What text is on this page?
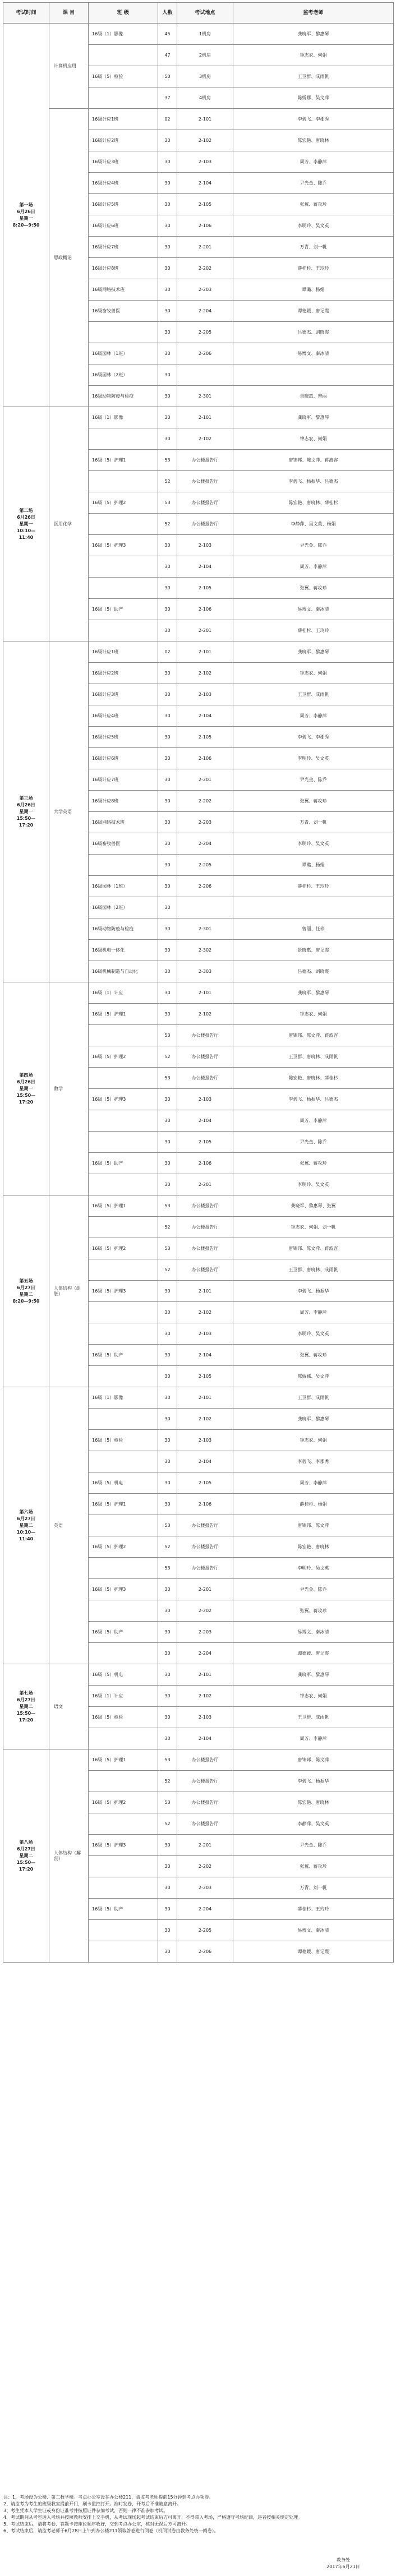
考试时间	课 目	班 级	人数	考试地点	监考老师

第一场
6月26日
星期一
8:20—9:50	计算机应用	16级（1）影像	45	1机房	龚晓军、黎惠琴
			47	2机房	钟志农、何娟
		16级（5）检验	50	3机房	王卫群、成雨帆
			37	4机房	陈娇娜、吴文萍
	思政概论	16级计应1班	02	2-101	李碧飞、李郡秀
		16级计应2班	30	2-102	陈宏艳、唐晓林
		16级计应3班	30	2-103	周芳、李静萍
		16级计应4班	30	2-104	尹光金、陈乔
		16级计应5班	30	2-105	张翼、蒋攻珍
		16级计应6班	30	2-106	李明玲、吴文英
		16级计应7班	30	2-201	万青、刘一帆
		16级计应8班	30	2-202	薛桂杉、王玲玲
		16级网络技术班	30	2-203	谭璐、杨娟
		16级畜牧兽医	30	2-204	谭德媛、唐记霞
			30	2-205	吕德杰、刘晓霞
		16级园林（1班）	30	2-206	易博文、秦冰清
		16级园林（2班）	30		
		16级动物防疫与检疫	30	2-301	景晓惠、曾丽

第二场
6月26日
星期一
10:10—
11:40	医用化学	16级（1）影像	30	2-101	龚晓军、黎惠琴
			30	2-102	钟志农、何娟
		16级（5）护理1	53	办公楼报告厅	唐锦邦、陈文萍、蒋波容
			52	办公楼报告厅	李碧飞、杨振华、吕德杰
		16级（5）护理2	53	办公楼报告厅	陈宏艳、唐晓林、薛桂杉
			52	办公楼报告厅	李静萍、吴文英、杨娟
		16级（5）护理3	30	2-103	尹光金、陈乔
			30	2-104	周芳、李静萍
			30	2-105	张翼、蒋攻珍
		16级（5）助产	30	2-106	易博文、秦冰清
			30	2-201	薛桂杉、王玲玲

第三场
6月26日
星期一
15:50—
17:20	大学英语	16级计应1班	02	2-101	龚晓军、黎惠琴
		16级计应2班	30	2-102	钟志农、何娟
		16级计应3班	30	2-103	王卫群、成雨帆
		16级计应4班	30	2-104	周芳、李静萍
		16级计应5班	30	2-105	李碧飞、李郡秀
		16级计应6班	30	2-106	李明玲、吴文英
		16级计应7班	30	2-201	尹光金、陈乔
		16级计应8班	30	2-202	张翼、蒋攻珍
		16级网络技术班	30	2-203	万青、刘一帆
		16级畜牧兽医	30	2-204	李明玲、吴文英
			30	2-205	谭璐、杨娟
		16级园林（1班）	30	2-206	薛桂杉、王玲玲
		16级园林（2班）	30		
		16级动物防疫与检疫	30	2-301	曾丽、任珍
		16级机电一体化	30	2-302	景晓惠、唐记霞
		16级机械制造与自动化	30	2-303	吕德杰、刘晓霞

第四场
6月26日
星期一
15:50—
17:20	数学	16级（1）计应	30	2-101	龚晓军、黎惠琴
		16级（5）护理1	30	2-102	钟志农、何娟
			53	办公楼报告厅	唐锦邦、陈文萍、蒋波容
		16级（5）护理2	52	办公楼报告厅	王卫群、唐晓林、成雨帆
			53	办公楼报告厅	陈宏艳、唐晓林、薛桂杉
		16级（5）护理3	30	2-103	李碧飞、杨振华、吕德杰
			30	2-104	周芳、李静萍
			30	2-105	尹光金、陈乔
		16级（5）助产	30	2-106	张翼、蒋攻珍
			30	2-201	李明玲、吴文英

第五场
6月27日
星期二
8:20—9:50	人体结构（组胚）	16级（5）护理1	53	办公楼报告厅	龚晓军、黎惠琴、张翼
			52	办公楼报告厅	钟志农、何娟、刘一帆
		16级（5）护理2	53	办公楼报告厅	唐锦邦、陈文萍、蒋波容
			52	办公楼报告厅	王卫群、唐晓林、成雨帆
		16级（5）护理3	30	2-101	李碧飞、杨振华
			30	2-102	周芳、李静萍
			30	2-103	李明玲、吴文英
		16级（5）助产	30	2-104	张翼、蒋攻珍
			30	2-105	陈娇娜、吴文萍

第六场
6月27日
星期二
10:10—
11:40	英语	16级（1）影像	30	2-101	王卫群、成雨帆
			30	2-102	龚晓军、黎惠琴
		16级（5）检验	30	2-103	钟志农、何娟
			30	2-104	李碧飞、李郡秀
		16级（5）机电	30	2-105	周芳、李静萍
		16级（5）护理1	30	2-106	薛桂杉、杨娟
			53	办公楼报告厅	唐锦邦、陈文萍
		16级（5）护理2	52	办公楼报告厅	陈宏艳、唐晓林
			53	办公楼报告厅	李明玲、吴文英
		16级（5）护理3	30	2-201	尹光金、陈乔
			30	2-202	张翼、蒋攻珍
		16级（5）助产	30	2-203	易博文、秦冰清
			30	2-204	谭德媛、唐记霞

第七场
6月27日
星期二
15:50—
17:20	语文	16级（5）机电	30	2-101	龚晓军、黎惠琴
		16级（1）计应	30	2-102	钟志农、何娟
		16级（5）检验	30	2-103	王卫群、成雨帆
			30	2-104	周芳、李静萍

第八场
6月27日
星期二
15:50—
17:20	人体结构（解剖）	16级（5）护理1	53	办公楼报告厅	唐锦邦、陈文萍
			52	办公楼报告厅	李碧飞、杨振华
		16级（5）护理2	53	办公楼报告厅	陈宏艳、唐晓林
			52	办公楼报告厅	李静萍、吴文英
		16级（5）护理3	30	2-201	尹光金、陈乔
			30	2-202	张翼、蒋攻珍
			30	2-203	万青、刘一帆
		16级（5）助产	30	2-204	薛桂杉、王玲玲
			30	2-205	易博文、秦冰清
			30	2-206	谭德媛、唐记霞

注：1、考场设为公楼、第二教学楼。考点办公室设在办公楼211，请监考老师提前15分钟到考点办领卷。

2、请监考为考生的班级教室提前开门，刷卡监控打开。准时发卷，开考后不准随意离开。

3、考生凭本人学生证或身份证准考并按照证件参加考试，否则一律不准参加考试。

4、考试期间从考室进入考场并按照教师安排上交手机，从考试现场起考试结束后方可离开，不得带入考场，严格遵守考场纪律，违者按相关规定处理。

5、考试结束后，请将考卷、答题卡按座位顺序收好，交到考点办公室，核对无误后方可离开。

6、考试结束后，请监考老师于6月28日上午到办公楼211领取答卷进行阅卷（机阅试卷由教务处统一阅卷）。

教务处
2017年6月21日
